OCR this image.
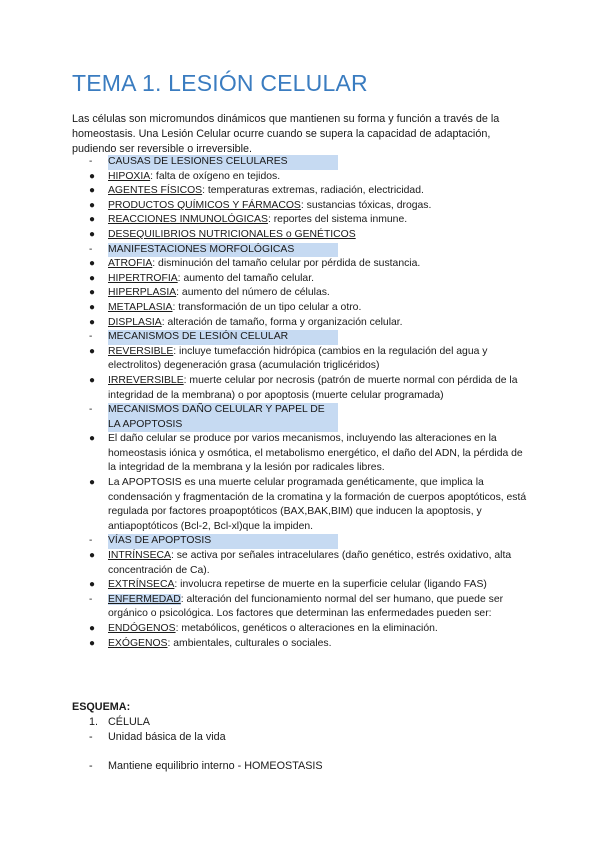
TEMA 1. LESIÓN CELULAR
Las células son micromundos dinámicos que mantienen su forma y función a través de la homeostasis. Una Lesión Celular ocurre cuando se supera la capacidad de adaptación, pudiendo ser reversible o irreversible.
-	CAUSAS DE LESIONES CELULARES
●	HIPOXIA: falta de oxígeno en tejidos.
●	AGENTES FÍSICOS: temperaturas extremas, radiación, electricidad.
●	PRODUCTOS QUÍMICOS Y FÁRMACOS: sustancias tóxicas, drogas.
●	REACCIONES INMUNOLÓGICAS: reportes del sistema inmune.
●	DESEQUILIBRIOS NUTRICIONALES o GENÉTICOS
-	MANIFESTACIONES MORFOLÓGICAS
●	ATROFIA: disminución del tamaño celular por pérdida de sustancia.
●	HIPERTROFIA: aumento del tamaño celular.
●	HIPERPLASIA: aumento del número de células.
●	METAPLASIA: transformación de un tipo celular a otro.
●	DISPLASIA: alteración de tamaño, forma y organización celular.
-	MECANISMOS DE LESIÓN CELULAR
●	REVERSIBLE: incluye tumefacción hidrópica (cambios en la regulación del agua y electrolitos) degeneración grasa (acumulación triglicéridos)
●	IRREVERSIBLE: muerte celular por necrosis (patrón de muerte normal con pérdida de la integridad de la membrana) o por apoptosis (muerte celular programada)
-	MECANISMOS DAÑO CELULAR Y PAPEL DE LA APOPTOSIS
●	El daño celular se produce por varios mecanismos, incluyendo las alteraciones en la homeostasis iónica y osmótica, el metabolismo energético, el daño del ADN, la pérdida de la integridad de la membrana y la lesión por radicales libres.
●	La APOPTOSIS es una muerte celular programada genéticamente, que implica la condensación y fragmentación de la cromatina y la formación de cuerpos apoptóticos, está regulada por factores proapoptóticos (BAX,BAK,BIM) que inducen la apoptosis, y antiapoptóticos (Bcl-2, Bcl-xl)que la impiden.
-	VÍAS DE APOPTOSIS
●	INTRÍNSECA: se activa por señales intracelulares (daño genético, estrés oxidativo, alta concentración de Ca).
●	EXTRÍNSECA: involucra repetirse de muerte en la superficie celular (ligando FAS)
-	ENFERMEDAD: alteración del funcionamiento normal del ser humano, que puede ser orgánico o psicológica. Los factores que determinan las enfermedades pueden ser:
●	ENDÓGENOS: metabólicos, genéticos o alteraciones en la eliminación.
●	EXÓGENOS: ambientales, culturales o sociales.
ESQUEMA:
1. CÉLULA
- Unidad básica de la vida
- Mantiene equilibrio interno - HOMEOSTASIS
